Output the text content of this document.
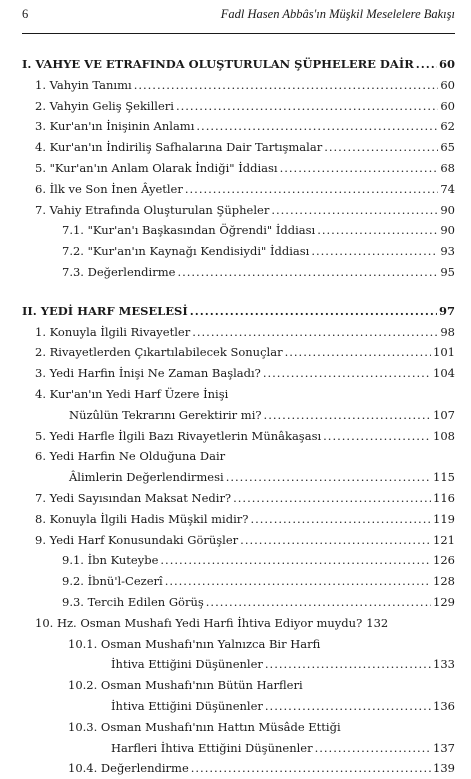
6	Fadl Hasen Abbâs'ın Müşkil Meselelere Bakışı
I. VAHYE VE ETRAFINDA OLUŞTURULAN ŞÜPHELERE DAİR ..... 60
1. Vahyin Tanımı .....	60
2. Vahyin Geliş Şekilleri .....	60
3. Kur'an'ın İnişinin Anlamı .....	62
4. Kur'an'ın İndiriliş Safhalarına Dair Tartışmalar .....	65
5. "Kur'an'ın Anlam Olarak İndiği" İddiası .....	68
6. İlk ve Son İnen Âyetler .....	74
7. Vahiy Etrafında Oluşturulan Şüpheler .....	90
7.1. "Kur'an'ı Başkasından Öğrendi" İddiası .....	90
7.2. "Kur'an'ın Kaynağı Kendisiydi" İddiası .....	93
7.3. Değerlendirme .....	95
II. YEDİ HARF MESELESİ .....	97
1. Konuyla İlgili Rivayetler .....	98
2. Rivayetlerden Çıkartılabilecek Sonuçlar .....	101
3. Yedi Harfin İnişi Ne Zaman Başladı? .....	104
4. Kur'an'ın Yedi Harf Üzere İnişi
Nüzûlün Tekrarını Gerektirir mi? .....	107
5. Yedi Harfle İlgili Bazı Rivayetlerin Münâkaşası .....	108
6. Yedi Harfin Ne Olduğuna Dair
Âlimlerin Değerlendirmesi .....	115
7. Yedi Sayısından Maksat Nedir? .....	116
8. Konuyla İlgili Hadis Müşkil midir? .....	119
9. Yedi Harf Konusundaki Görüşler .....	121
9.1. İbn Kuteybe .....	126
9.2. İbnü'l-Cezerî .....	128
9.3. Tercih Edilen Görüş .....	129
10. Hz. Osman Mushafı Yedi Harfi İhtiva Ediyor muydu? 132
10.1. Osman Mushafı'nın Yalnızca Bir Harfi
İhtiva Ettiğini Düşünenler .....	133
10.2. Osman Mushafı'nın Bütün Harfleri
İhtiva Ettiğini Düşünenler .....	136
10.3. Osman Mushafı'nın Hattın Müsâde Ettiği
Harfleri İhtiva Ettiğini Düşünenler .....	137
10.4. Değerlendirme .....	139
